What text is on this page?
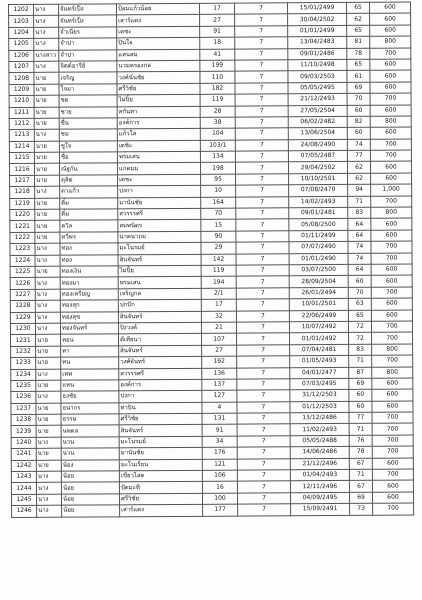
1202	นาง	จันทร์เป็ง	ป้อมแก้วน้อย	17	7	15/01/2499	65	600
1203	นาง	จันทร์เป็ง	เสาร์แดง	27	7	30/04/2502	62	600
1204	นาง	จำเนียร	เดชะ	91	7	01/01/2499	65	600
1205	นาง	จำปา	ปินใจ	18	7	13/04/2483	81	800
1206	นางสาว	จำปา	แสนสม	41	7	09/01/2486	78	700
1207	นาง	จิตต์อารีย์	นวมครองกล	199	7	11/10/2498	65	600
1208	นาย	เจริญ	วงค์นันชัย	110	7	09/03/2503	61	600
1209	นาย	ใจมา	ศรีวิชัย	182	7	05/05/2495	69	600
1210	นาย	ชด	ไม่ปิ้ย	119	7	21/12/2493	70	700
1211	นาย	ชาย	สกันทา	28	7	27/05/2504	60	600
1212	นาย	ชื่น	องค์การ	38	7	06/02/2482	82	800
1213	นาง	ชม	แก้วใส	104	7	13/06/2504	60	600
1214	นาย	ชูใจ	เตชิะ	103/1	7	24/08/2490	74	700
1215	นาย	ชื่อ	พรมเสน	134	7	07/05/2487	77	700
1216	นาย	ณัฐกัน	แกดมม	198	7	29/04/2502	62	600
1217	นาย	ดุสิต	เดชะ	95	7	10/10/2501	62	600
1218	นาง	ดาแก้ว	ปงกา	10	7	07/08/2470	94	1,000
1219	นาย	ติ๋ม	มานันชัย	164	7	14/02/2493	71	700
1220	นาย	ติ๋ม	สวรรรศรี	70	7	09/01/2481	83	800
1221	นาย	ตวิล	สมพนิดร	15	7	05/08/2500	64	600
1222	นาย	ทวีพร	นาคนาถม	90	7	01/11/2499	64	600
1223	นาง	ทอง	มะโนรมย์	29	7	07/07/2490	74	700
1224	นาง	ทอง	สินจันทร์	142	7	01/01/2490	74	700
1225	นาย	ทองเงิน	ไม่ปิ้ย	119	7	03/07/2500	64	600
1226	นาง	ทองมา	พรมเสน	194	7	28/09/2504	60	600
1227	นาง	ทองเหรียญ	เจริญกล	2/1	7	26/01/2494	70	700
1228	นาง	ทองสุก	ปกปัก	17	7	10/01/2501	63	600
1229	นาง	ทองสุข	สินจันทร์	32	7	22/06/2499	65	600
1230	นาง	ทองจันทร์	ปิงวงค์	21	7	10/07/2492	72	700
1231	นาย	ทอน	ดีเทียนา	107	7	01/01/2492	72	700
1232	นาย	ทา	สินจันทร์	27	7	07/04/2481	83	800
1233	นาย	ทน	วงศ์จันทร์	192	7	01/05/2493	71	700
1234	นาง	เทพ	สวรรรศรี	136	7	04/01/2477	87	800
1235	นาย	แทน	องค์การ	137	7	07/03/2495	69	600
1236	นาง	ธงชัย	ปงกา	127	7	31/12/2503	60	600
1237	นาย	ธนากร	ทาปิน	4	7	01/12/2503	60	600
1238	นาย	ธรรม	ศรีวิชัย	131	7	13/12/2486	77	700
1239	นาย	นพดล	สินจันทร์	91	7	11/02/2493	71	700
1240	นาง	นวน	มะโนรมย์	34	7	05/05/2488	76	700
1241	นาย	นวน	มานันชัย	176	7	14/06/2486	78	700
1242	นาย	น้อง	มะโนเรียน	121	7	21/12/2496	67	600
1243	นาง	น้อย	เขียวไสด	106	7	01/04/2493	71	700
1244	นาง	น้อย	ปัดมะที	16	7	12/11/2496	67	600
1245	นาง	น้อย	ศรีวิชัย	100	7	04/09/2495	69	600
1246	นาง	น้อย	เสาร์แดง	177	7	15/09/2491	73	700
